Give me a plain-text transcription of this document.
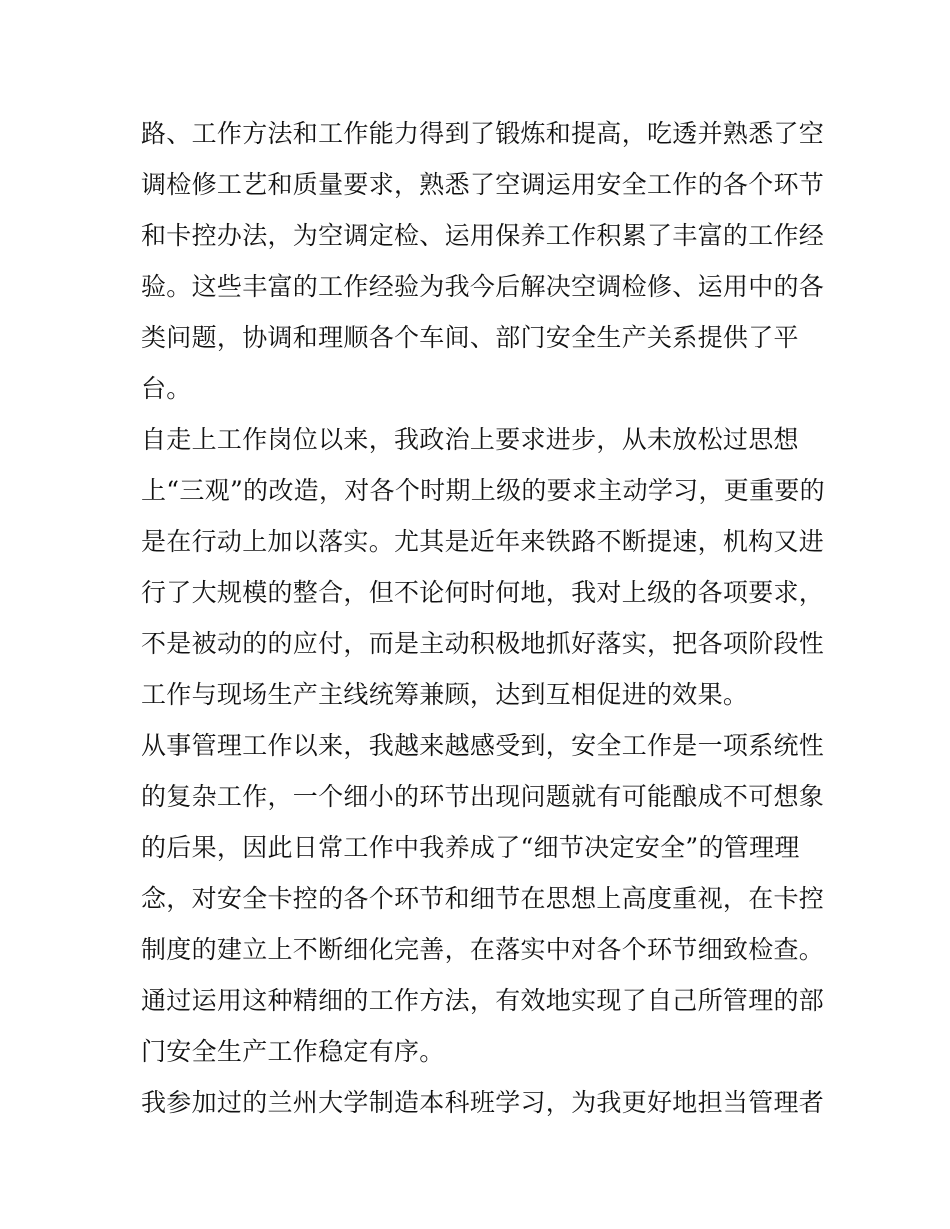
路、工作方法和工作能力得到了锻炼和提高，吃透并熟悉了空
调检修工艺和质量要求，熟悉了空调运用安全工作的各个环节
和卡控办法，为空调定检、运用保养工作积累了丰富的工作经
验。这些丰富的工作经验为我今后解决空调检修、运用中的各
类问题，协调和理顺各个车间、部门安全生产关系提供了平
台。
自走上工作岗位以来，我政治上要求进步，从未放松过思想
上“三观”的改造，对各个时期上级的要求主动学习，更重要的
是在行动上加以落实。尤其是近年来铁路不断提速，机构又进
行了大规模的整合，但不论何时何地，我对上级的各项要求，
不是被动的的应付，而是主动积极地抓好落实，把各项阶段性
工作与现场生产主线统筹兼顾，达到互相促进的效果。
从事管理工作以来，我越来越感受到，安全工作是一项系统性
的复杂工作，一个细小的环节出现问题就有可能酿成不可想象
的后果，因此日常工作中我养成了“细节决定安全”的管理理
念，对安全卡控的各个环节和细节在思想上高度重视，在卡控
制度的建立上不断细化完善，在落实中对各个环节细致检查。
通过运用这种精细的工作方法，有效地实现了自己所管理的部
门安全生产工作稳定有序。
我参加过的兰州大学制造本科班学习，为我更好地担当管理者
